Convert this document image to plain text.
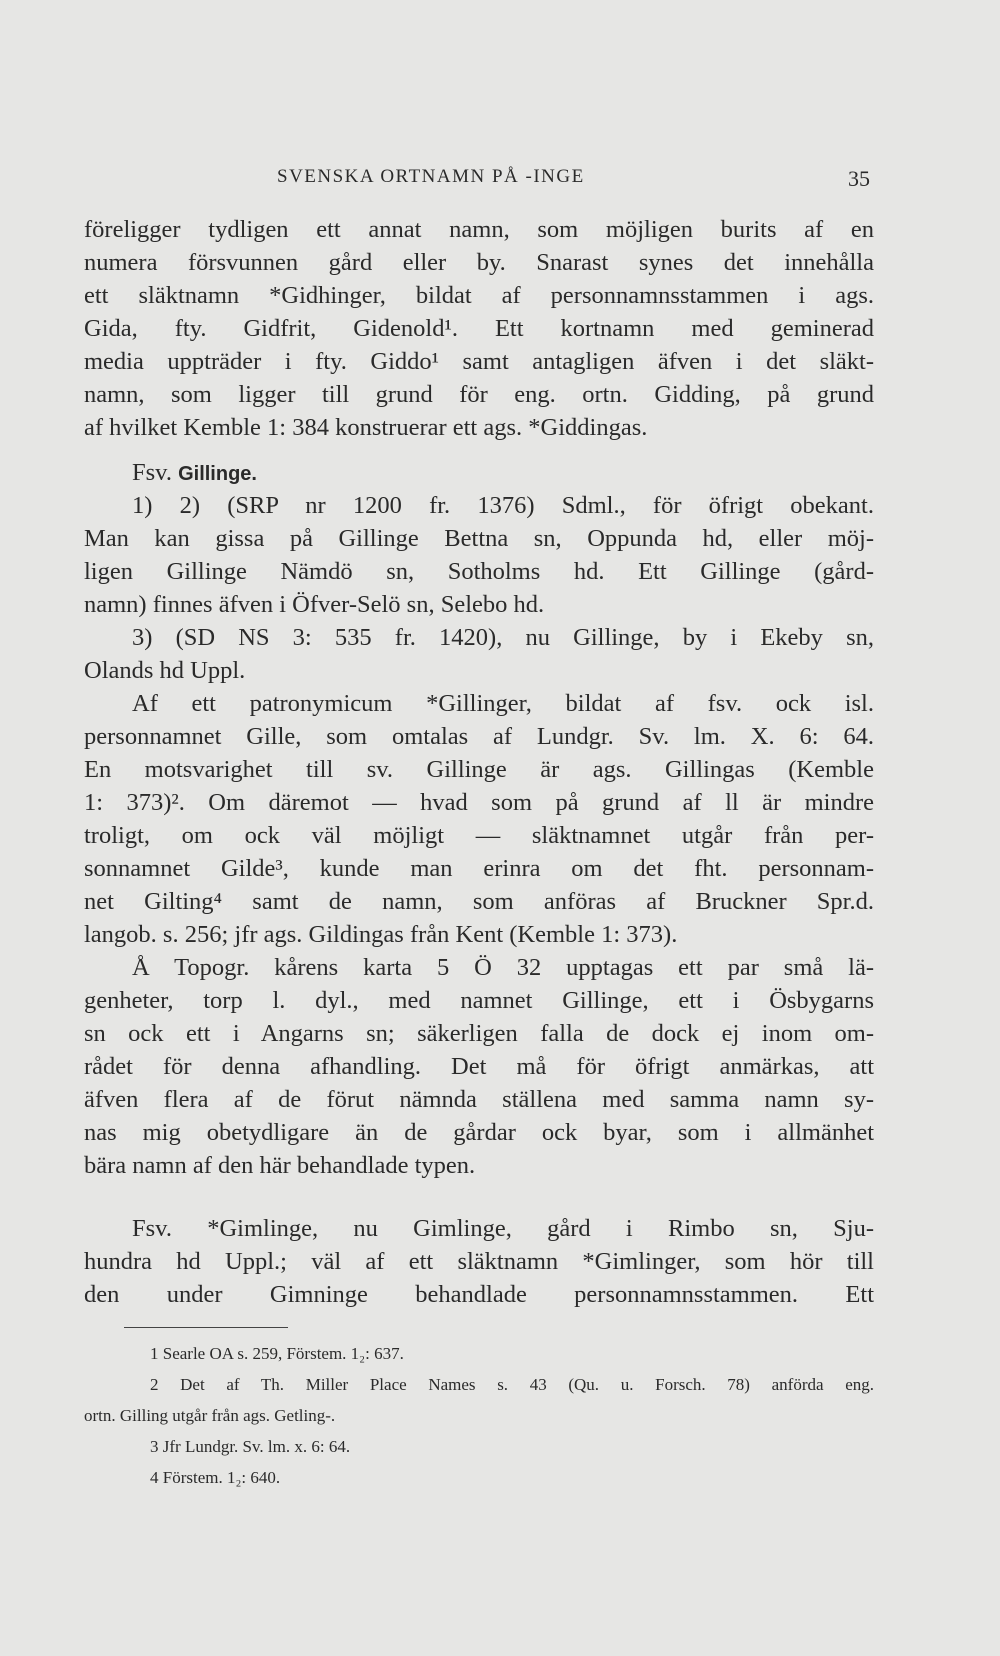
SVENSKA ORTNAMN PÅ -INGE	35
föreligger tydligen ett annat namn, som möjligen burits af en
numera försvunnen gård eller by. Snarast synes det innehålla
ett släktnamn *Gidhinger, bildat af personnamnsstammen i ags.
Gida, fty. Gidfrit, Gidenold¹. Ett kortnamn med geminerad
media uppträder i fty. Giddo¹ samt antagligen äfven i det släkt-
namn, som ligger till grund för eng. ortn. Gidding, på grund
af hvilket Kemble 1: 384 konstruerar ett ags. *Giddingas.
Fsv. Gillinge.
1) 2) (SRP nr 1200 fr. 1376) Sdml., för öfrigt obekant.
Man kan gissa på Gillinge Bettna sn, Oppunda hd, eller möj-
ligen Gillinge Nämdö sn, Sotholms hd. Ett Gillinge (gård-
namn) finnes äfven i Öfver-Selö sn, Selebo hd.
3) (SD NS 3: 535 fr. 1420), nu Gillinge, by i Ekeby sn,
Olands hd Uppl.
Af ett patronymicum *Gillinger, bildat af fsv. ock isl.
personnamnet Gille, som omtalas af Lundgr. Sv. lm. X. 6: 64.
En motsvarighet till sv. Gillinge är ags. Gillingas (Kemble
1: 373)². Om däremot — hvad som på grund af ll är mindre
troligt, om ock väl möjligt — släktnamnet utgår från per-
sonnamnet Gilde³, kunde man erinra om det fht. personnam-
net Gilting⁴ samt de namn, som anföras af Bruckner Spr.d.
langob. s. 256; jfr ags. Gildingas från Kent (Kemble 1: 373).
Å Topogr. kårens karta 5 Ö 32 upptagas ett par små lä-
genheter, torp l. dyl., med namnet Gillinge, ett i Ösbygarns
sn ock ett i Angarns sn; säkerligen falla de dock ej inom om-
rådet för denna afhandling. Det må för öfrigt anmärkas, att
äfven flera af de förut nämnda ställena med samma namn sy-
nas mig obetydligare än de gårdar ock byar, som i allmänhet
bära namn af den här behandlade typen.
Fsv. *Gimlinge, nu Gimlinge, gård i Rimbo sn, Sju-
hundra hd Uppl.; väl af ett släktnamn *Gimlinger, som hör till
den under Gimninge behandlade personnamnsstammen. Ett
1 Searle OA s. 259, Förstem. 1₂: 637.
2 Det af Th. Miller Place Names s. 43 (Qu. u. Forsch. 78) anförda eng.
ortn. Gilling utgår från ags. Getling-.
3 Jfr Lundgr. Sv. lm. x. 6: 64.
4 Förstem. 1₂: 640.
